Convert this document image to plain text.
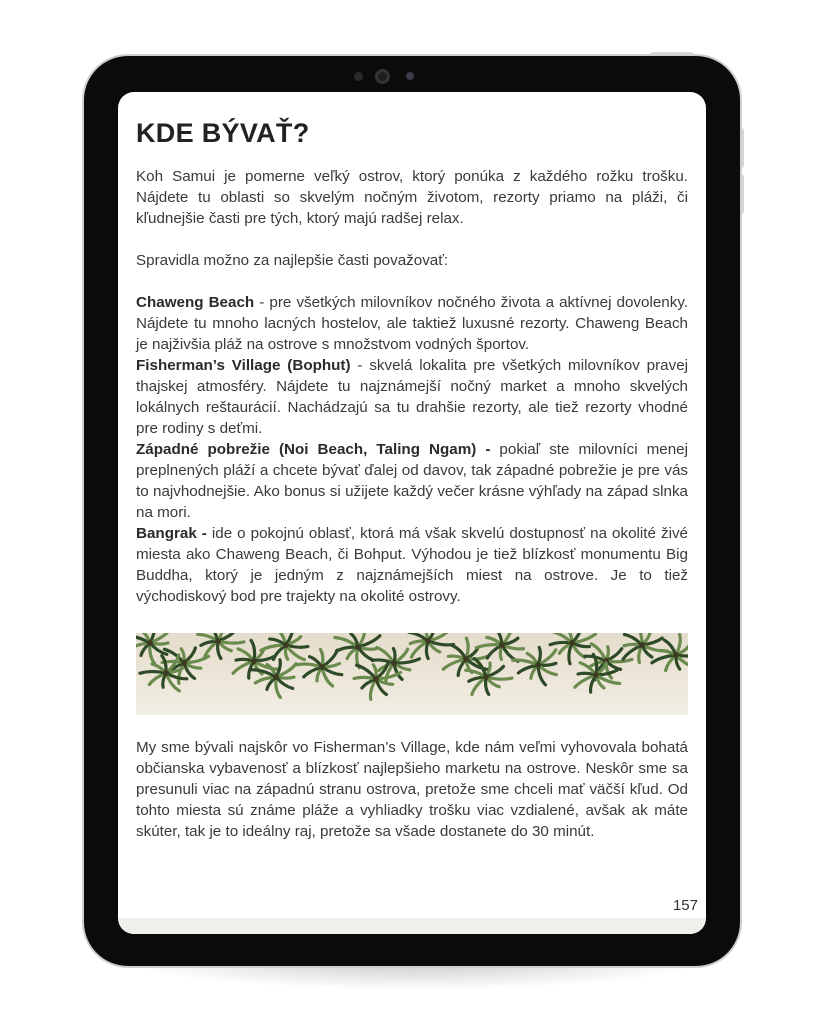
KDE BÝVAŤ?

Koh Samui je pomerne veľký ostrov, ktorý ponúka z každého rožku trošku. Nájdete tu oblasti so skvelým nočným životom, rezorty priamo na pláži, či kľudnejšie časti pre tých, ktorý majú radšej relax.

Spravidla možno za najlepšie časti považovať:

Chaweng Beach - pre všetkých milovníkov nočného života a aktívnej dovolenky. Nájdete tu mnoho lacných hostelov, ale taktiež luxusné rezorty. Chaweng Beach je najživšia pláž na ostrove s množstvom vodných športov.

Fisherman’s Village (Bophut) - skvelá lokalita pre všetkých milovníkov pravej thajskej atmosféry. Nájdete tu najznámejší nočný market a mnoho skvelých lokálnych reštaurácií. Nachádzajú sa tu drahšie rezorty, ale tiež rezorty vhodné pre rodiny s deťmi.

Západné pobrežie (Noi Beach, Taling Ngam) - pokiaľ ste milovníci menej preplnených pláží a chcete bývať ďalej od davov, tak západné pobrežie je pre vás to najvhodnejšie. Ako bonus si užijete každý večer krásne výhľady na západ slnka na mori.

Bangrak - ide o pokojnú oblasť, ktorá má však skvelú dostupnosť na okolité živé miesta ako Chaweng Beach, či Bohput. Výhodou je tiež blízkosť monumentu Big Buddha, ktorý je jedným z najznámejších miest na ostrove. Je to tiež východiskový bod pre trajekty na okolité ostrovy.

My sme bývali najskôr vo Fisherman’s Village, kde nám veľmi vyhovovala bohatá občianska vybavenosť a blízkosť najlepšieho marketu na ostrove. Neskôr sme sa presunuli viac na západnú stranu ostrova, pretože sme chceli mať väčší kľud. Od tohto miesta sú známe pláže a vyhliadky trošku viac vzdialené, avšak ak máte skúter, tak je to ideálny raj, pretože sa všade dostanete do 30 minút.

157
